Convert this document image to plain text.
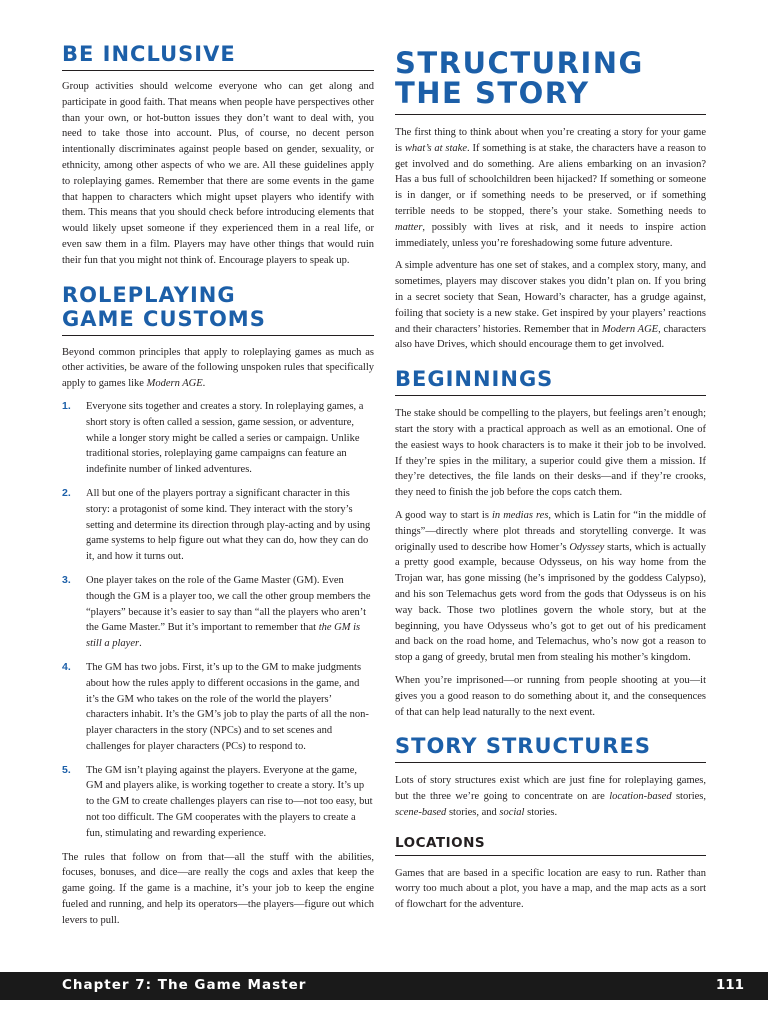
BE INCLUSIVE

Group activities should welcome everyone who can get along and participate in good faith. That means when people have perspectives other than your own, or hot-button issues they don’t want to deal with, you need to take those into account. Plus, of course, no decent person intentionally discriminates against people based on gender, sexuality, or ethnicity, among other aspects of who we are. All these guidelines apply to roleplaying games. Remember that there are some events in the game that happen to characters which might upset players who identify with them. This means that you should check before introducing elements that would likely upset someone if they experienced them in a real life, or even saw them in a film. Players may have other things that would ruin their fun that you might not think of. Encourage players to speak up.

ROLEPLAYING
GAME CUSTOMS

Beyond common principles that apply to roleplaying games as much as other activities, be aware of the following unspoken rules that specifically apply to games like Modern AGE.

1. Everyone sits together and creates a story. In roleplaying games, a short story is often called a session, game session, or adventure, while a longer story might be called a series or campaign. Unlike traditional stories, roleplaying game campaigns can feature an indefinite number of linked adventures.
2. All but one of the players portray a significant character in this story: a protagonist of some kind. They interact with the story’s setting and determine its direction through play-acting and by using game systems to help figure out what they can do, how they can do it, and how it turns out.
3. One player takes on the role of the Game Master (GM). Even though the GM is a player too, we call the other group members the “players” because it’s easier to say than “all the players who aren’t the Game Master.” But it’s important to remember that the GM is still a player.
4. The GM has two jobs. First, it’s up to the GM to make judgments about how the rules apply to different occasions in the game, and it’s the GM who takes on the role of the world the players’ characters inhabit. It’s the GM’s job to play the parts of all the non-player characters in the story (NPCs) and to set scenes and challenges for player characters (PCs) to respond to.
5. The GM isn’t playing against the players. Everyone at the game, GM and players alike, is working together to create a story. It’s up to the GM to create challenges players can rise to—not too easy, but not too difficult. The GM cooperates with the players to create a fun, stimulating and rewarding experience.

The rules that follow on from that—all the stuff with the abilities, focuses, bonuses, and dice—are really the cogs and axles that keep the game going. If the game is a machine, it’s your job to keep the engine fueled and running, and help its operators—the players—figure out which levers to pull.

STRUCTURING
THE STORY

The first thing to think about when you’re creating a story for your game is what’s at stake. If something is at stake, the characters have a reason to get involved and do something. Are aliens embarking on an invasion? Has a bus full of schoolchildren been hijacked? If something or someone is in danger, or if something needs to be preserved, or if something terrible needs to be stopped, there’s your stake. Something needs to matter, possibly with lives at risk, and it needs to inspire action immediately, unless you’re foreshadowing some future adventure.

A simple adventure has one set of stakes, and a complex story, many, and sometimes, players may discover stakes you didn’t plan on. If you bring in a secret society that Sean, Howard’s character, has a grudge against, foiling that society is a new stake. Get inspired by your players’ reactions and their characters’ histories. Remember that in Modern AGE, characters also have Drives, which should encourage them to get involved.

BEGINNINGS

The stake should be compelling to the players, but feelings aren’t enough; start the story with a practical approach as well as an emotional. One of the easiest ways to hook characters is to make it their job to be involved. If they’re spies in the military, a superior could give them a mission. If they’re detectives, the file lands on their desks—and if they’re crooks, they need to finish the job before the cops catch them.

A good way to start is in medias res, which is Latin for “in the middle of things”—directly where plot threads and storytelling converge. It was originally used to describe how Homer’s Odyssey starts, which is actually a pretty good example, because Odysseus, on his way home from the Trojan war, has gone missing (he’s imprisoned by the goddess Calypso), and his son Telemachus gets word from the gods that Odysseus is on his way back. Those two plotlines govern the whole story, but at the beginning, you have Odysseus who’s got to get out of his predicament and back on the road home, and Telemachus, who’s now got a reason to stop a gang of greedy, brutal men from stealing his mother’s kingdom.

When you’re imprisoned—or running from people shooting at you—it gives you a good reason to do something about it, and the consequences of that can help lead naturally to the next event.

STORY STRUCTURES

Lots of story structures exist which are just fine for roleplaying games, but the three we’re going to concentrate on are location-based stories, scene-based stories, and social stories.

LOCATIONS

Games that are based in a specific location are easy to run. Rather than worry too much about a plot, you have a map, and the map acts as a sort of flowchart for the adventure.

Chapter 7: The Game Master	111
